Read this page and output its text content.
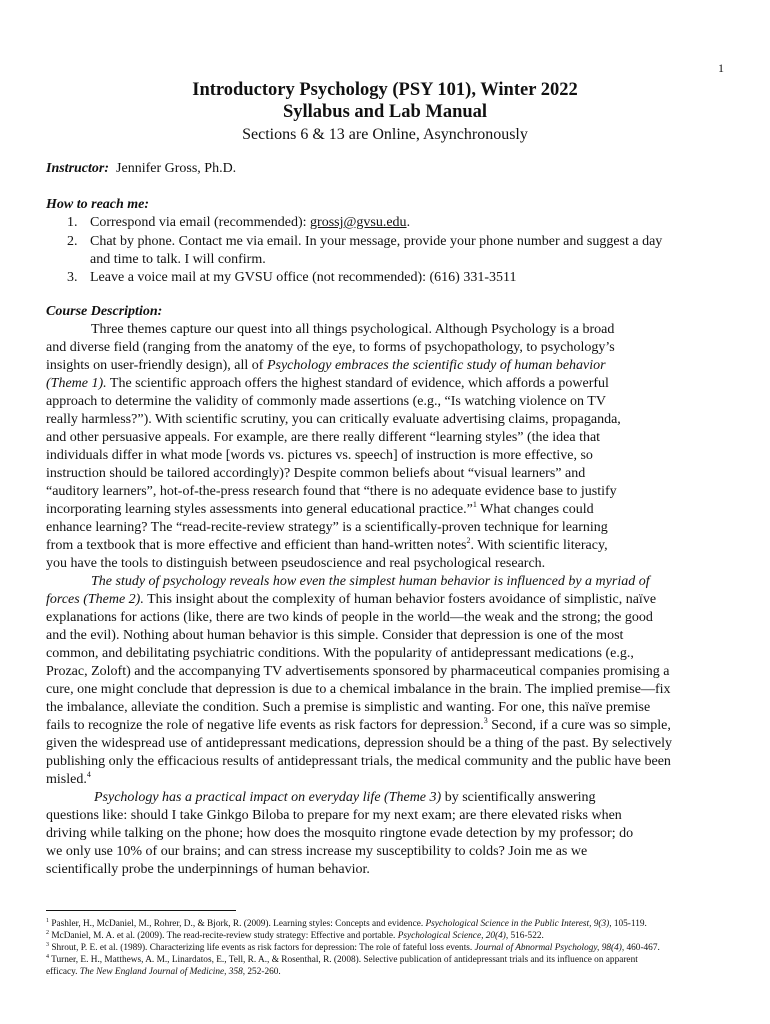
1
Introductory Psychology (PSY 101), Winter 2022
Syllabus and Lab Manual
Sections 6 & 13 are Online, Asynchronously
Instructor: Jennifer Gross, Ph.D.
How to reach me:
1. Correspond via email (recommended): grossj@gvsu.edu.
2. Chat by phone. Contact me via email. In your message, provide your phone number and suggest a day
and time to talk. I will confirm.
3. Leave a voice mail at my GVSU office (not recommended): (616) 331-3511
Course Description:
Three themes capture our quest into all things psychological. Although Psychology is a broad
and diverse field (ranging from the anatomy of the eye, to forms of psychopathology, to psychology’s
insights on user-friendly design), all of Psychology embraces the scientific study of human behavior
(Theme 1). The scientific approach offers the highest standard of evidence, which affords a powerful
approach to determine the validity of commonly made assertions (e.g., “Is watching violence on TV
really harmless?”). With scientific scrutiny, you can critically evaluate advertising claims, propaganda,
and other persuasive appeals. For example, are there really different “learning styles” (the idea that
individuals differ in what mode [words vs. pictures vs. speech] of instruction is more effective, so
instruction should be tailored accordingly)? Despite common beliefs about “visual learners” and
“auditory learners”, hot-of-the-press research found that “there is no adequate evidence base to justify
incorporating learning styles assessments into general educational practice.”$^1$ What changes could
enhance learning? The “read-recite-review strategy” is a scientifically-proven technique for learning
from a textbook that is more effective and efficient than hand-written notes$^2$. With scientific literacy,
you have the tools to distinguish between pseudoscience and real psychological research.
The study of psychology reveals how even the simplest human behavior is influenced by a myriad of
forces (Theme 2). This insight about the complexity of human behavior fosters avoidance of simplistic, naïve
explanations for actions (like, there are two kinds of people in the world—the weak and the strong; the good
and the evil). Nothing about human behavior is this simple. Consider that depression is one of the most
common, and debilitating psychiatric conditions. With the popularity of antidepressant medications (e.g.,
Prozac, Zoloft) and the accompanying TV advertisements sponsored by pharmaceutical companies promising a
cure, one might conclude that depression is due to a chemical imbalance in the brain. The implied premise—fix
the imbalance, alleviate the condition. Such a premise is simplistic and wanting. For one, this naïve premise
fails to recognize the role of negative life events as risk factors for depression.$^3$ Second, if a cure was so simple,
given the widespread use of antidepressant medications, depression should be a thing of the past. By selectively
publishing only the efficacious results of antidepressant trials, the medical community and the public have been
misled.$^4$
Psychology has a practical impact on everyday life (Theme 3) by scientifically answering
questions like: should I take Ginkgo Biloba to prepare for my next exam; are there elevated risks when
driving while talking on the phone; how does the mosquito ringtone evade detection by my professor; do
we only use 10% of our brains; and can stress increase my susceptibility to colds? Join me as we
scientifically probe the underpinnings of human behavior.
$^1$ Pashler, H., McDaniel, M., Rohrer, D., & Bjork, R. (2009). Learning styles: Concepts and evidence. Psychological Science in the Public Interest, 9(3), 105-119.
$^2$ McDaniel, M. A. et al. (2009). The read-recite-review study strategy: Effective and portable. Psychological Science, 20(4), 516-522.
$^3$ Shrout, P. E. et al. (1989). Characterizing life events as risk factors for depression: The role of fateful loss events. Journal of Abnormal Psychology, 98(4), 460-467.
$^4$ Turner, E. H., Matthews, A. M., Linardatos, E., Tell, R. A., & Rosenthal, R. (2008). Selective publication of antidepressant trials and its influence on apparent
efficacy. The New England Journal of Medicine, 358, 252-260.
